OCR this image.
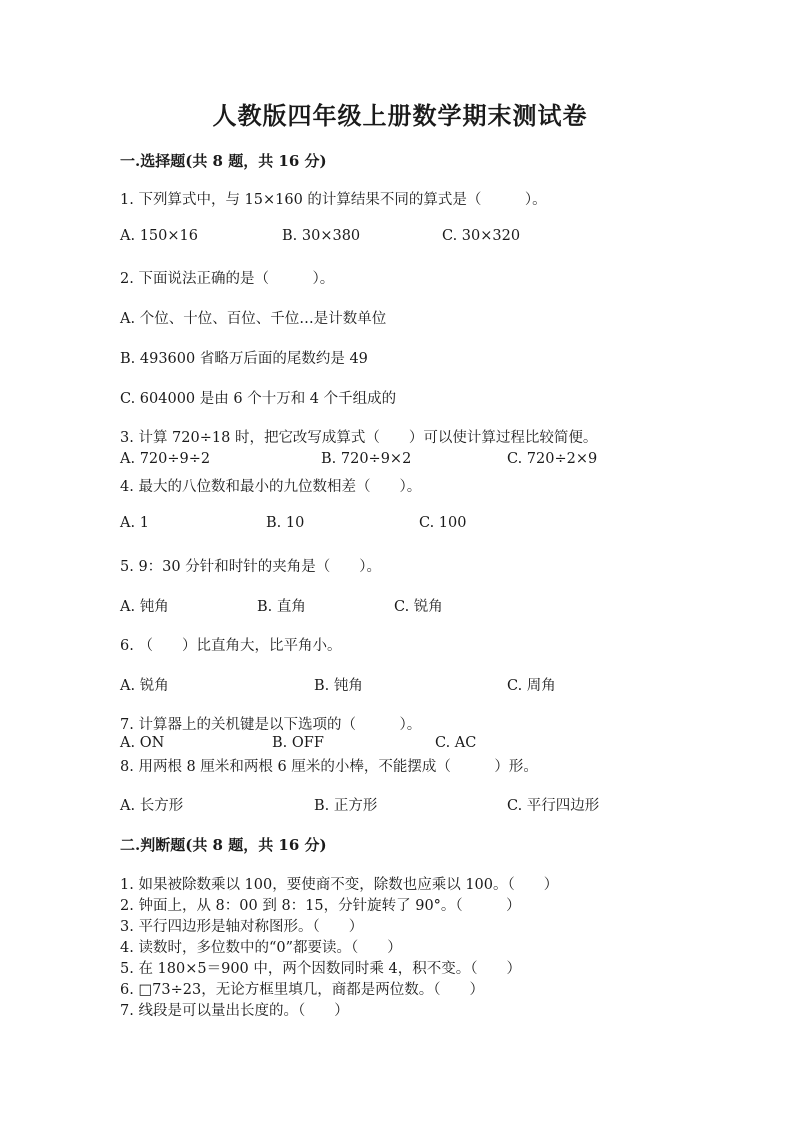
人教版四年级上册数学期末测试卷
一.选择题(共 8 题，共 16 分)
1. 下列算式中，与 15×160 的计算结果不同的算式是（　　　）。
A. 150×16	B. 30×380	C. 30×320
2. 下面说法正确的是（　　　）。
A. 个位、十位、百位、千位…是计数单位
B. 493600 省略万后面的尾数约是 49
C. 604000 是由 6 个十万和 4 个千组成的
3. 计算 720÷18 时，把它改写成算式（　　）可以使计算过程比较简便。
A. 720÷9÷2	B. 720÷9×2	C. 720÷2×9
4. 最大的八位数和最小的九位数相差（　　）。
A. 1	B. 10	C. 100
5. 9：30 分针和时针的夹角是（　　）。
A. 钝角	B. 直角	C. 锐角
6. （　　）比直角大，比平角小。
A. 锐角	B. 钝角	C. 周角
7. 计算器上的关机键是以下选项的（　　　）。
A. ON	B. OFF	C. AC
8. 用两根 8 厘米和两根 6 厘米的小棒，不能摆成（　　　）形。
A. 长方形	B. 正方形	C. 平行四边形
二.判断题(共 8 题，共 16 分)
1. 如果被除数乘以 100，要使商不变，除数也应乘以 100。（　　）
2. 钟面上，从 8：00 到 8：15，分针旋转了 90°。（　　　）
3. 平行四边形是轴对称图形。（　　）
4. 读数时，多位数中的“0”都要读。（　　）
5. 在 180×5＝900 中，两个因数同时乘 4，积不变。（　　）
6. □73÷23，无论方框里填几，商都是两位数。（　　）
7. 线段是可以量出长度的。（　　）
